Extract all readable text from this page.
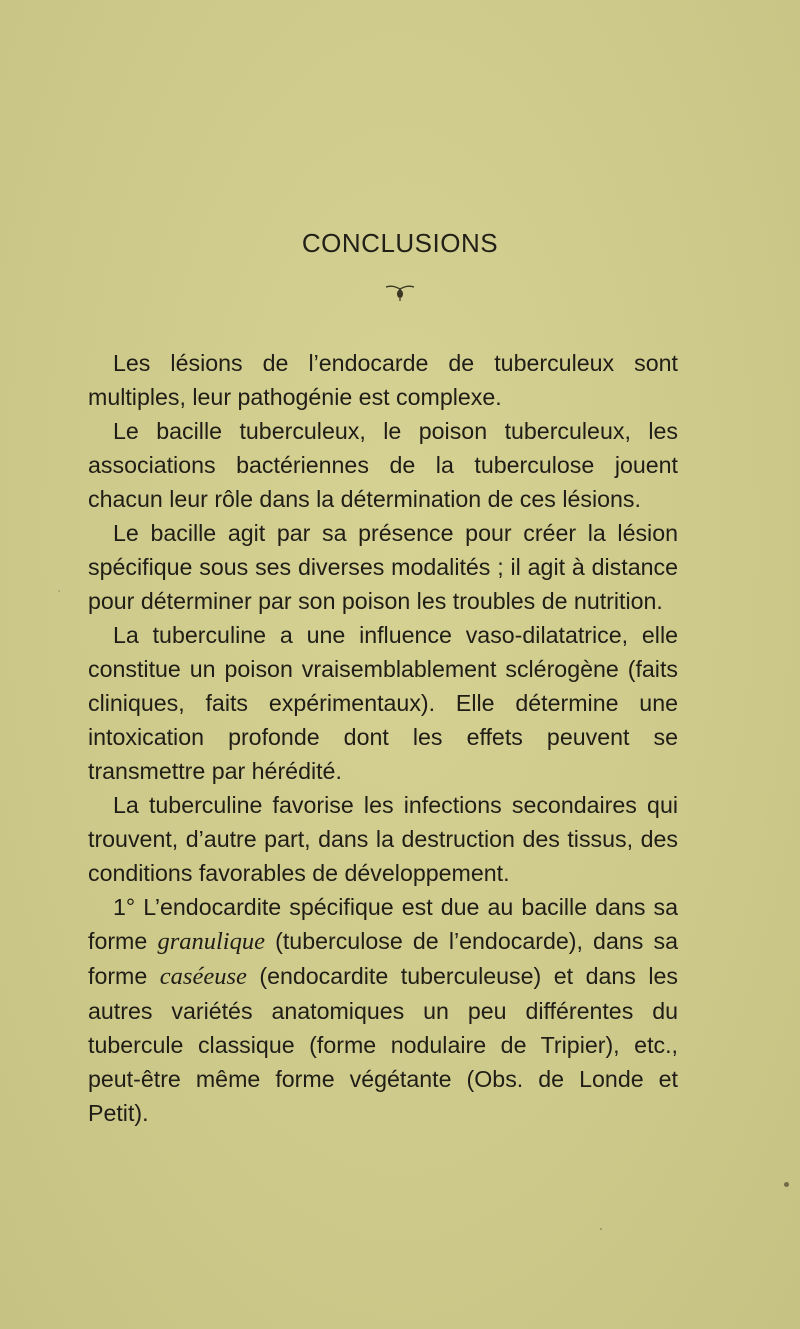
CONCLUSIONS

Les lésions de l’endocarde de tuberculeux sont multiples, leur pathogénie est complexe.

Le bacille tuberculeux, le poison tuberculeux, les associations bactériennes de la tuberculose jouent chacun leur rôle dans la détermination de ces lésions.

Le bacille agit par sa présence pour créer la lésion spécifique sous ses diverses modalités ; il agit à distance pour déterminer par son poison les troubles de nutrition.

La tuberculine a une influence vaso-dilatatrice, elle constitue un poison vraisemblablement sclérogène (faits cliniques, faits expérimentaux). Elle détermine une intoxication profonde dont les effets peuvent se transmettre par hérédité.

La tuberculine favorise les infections secondaires qui trouvent, d’autre part, dans la destruction des tissus, des conditions favorables de développement.

1° L’endocardite spécifique est due au bacille dans sa forme granulique (tuberculose de l’endocarde), dans sa forme caséeuse (endocardite tuberculeuse) et dans les autres variétés anatomiques un peu différentes du tubercule classique (forme nodulaire de Tripier), etc., peut-être même forme végétante (Obs. de Londe et Petit).
